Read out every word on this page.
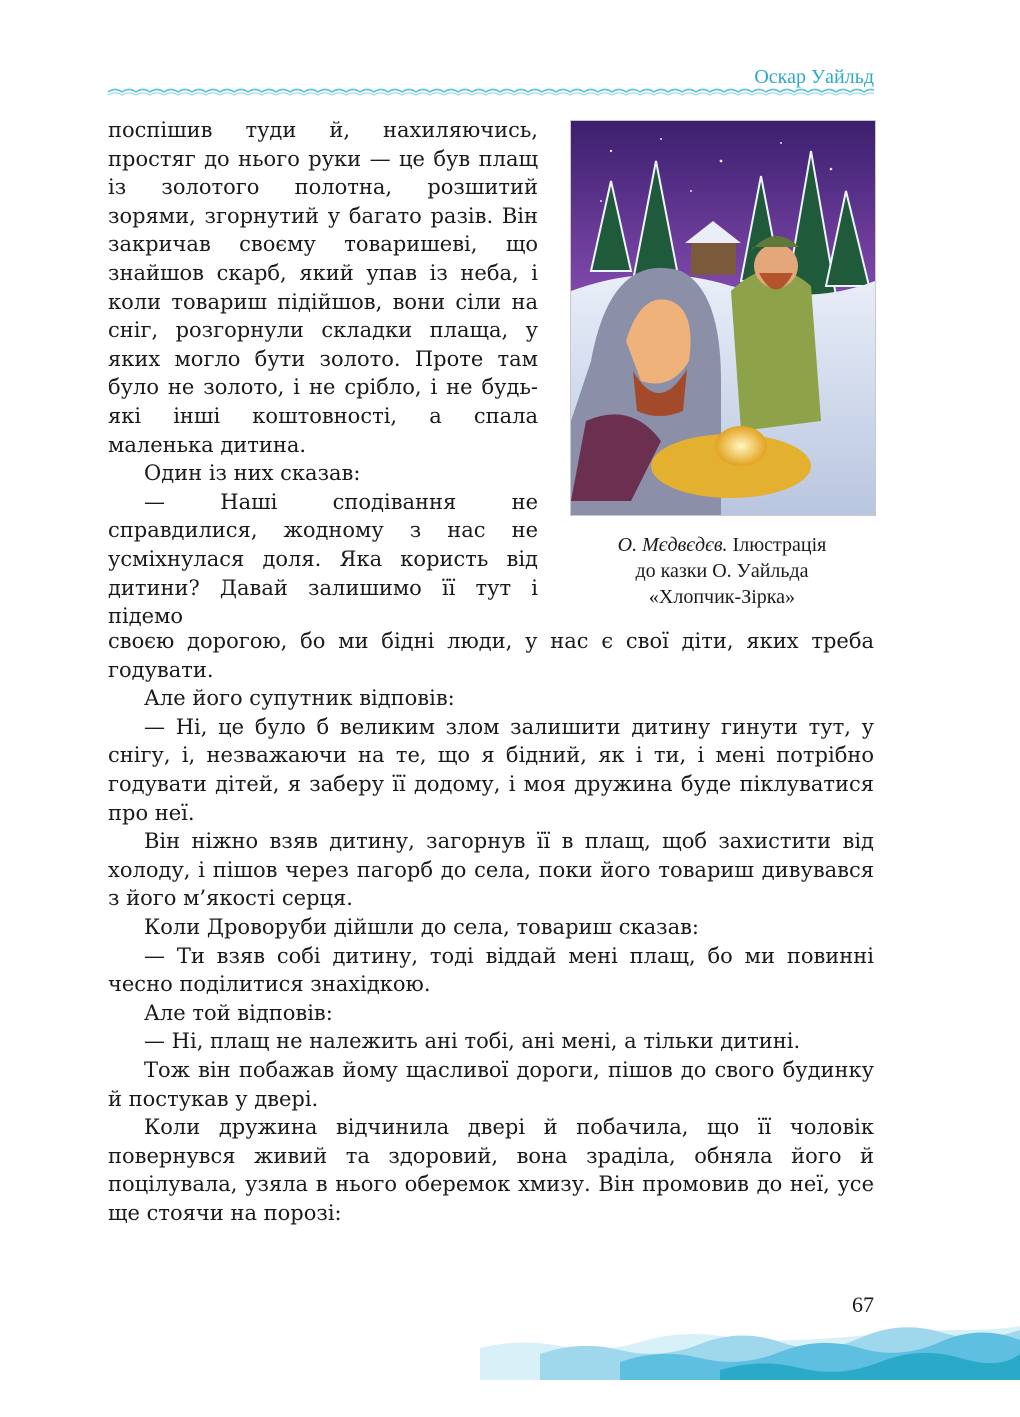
Оскар Уайльд

поспішив туди й, нахиляючись, простяг до нього руки — це був плащ із золотого полотна, розшитий зорями, згорнутий у багато разів. Він закричав своєму товаришеві, що знайшов скарб, який упав із неба, і коли товариш підійшов, вони сіли на сніг, розгорнули складки плаща, у яких могло бути золото. Проте там було не золото, і не срібло, і не будь-які інші коштовності, а спала маленька дитина.

Один із них сказав:

— Наші сподівання не справдилися, жодному з нас не усміхнулася доля. Яка користь від дитини? Давай залишимо її тут і підемо

О. Мєдвєдєв. Ілюстрація
до казки О. Уайльда
«Хлопчик-Зірка»

своєю дорогою, бо ми бідні люди, у нас є свої діти, яких треба годувати.

Але його супутник відповів:

— Ні, це було б великим злом залишити дитину гинути тут, у снігу, і, незважаючи на те, що я бідний, як і ти, і мені потрібно годувати дітей, я заберу її додому, і моя дружина буде піклуватися про неї.

Він ніжно взяв дитину, загорнув її в плащ, щоб захистити від холоду, і пішов через пагорб до села, поки його товариш дивувався з його м’якості серця.

Коли Дроворуби дійшли до села, товариш сказав:

— Ти взяв собі дитину, тоді віддай мені плащ, бо ми повинні чесно поділитися знахідкою.

Але той відповів:

— Ні, плащ не належить ані тобі, ані мені, а тільки дитині.

Тож він побажав йому щасливої дороги, пішов до свого будинку й постукав у двері.

Коли дружина відчинила двері й побачила, що її чоловік повернувся живий та здоровий, вона зраділа, обняла його й поцілувала, узяла в нього оберемок хмизу. Він промовив до неї, усе ще стоячи на порозі:

67
